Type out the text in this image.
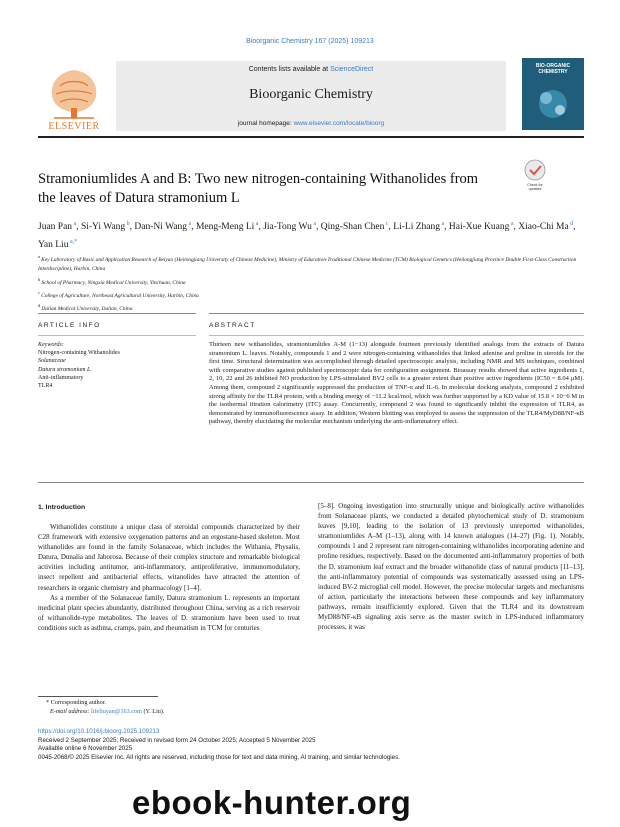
Bioorganic Chemistry 167 (2025) 109213
ELSEVIER
Contents lists available at ScienceDirect
Bioorganic Chemistry
journal homepage: www.elsevier.com/locate/bioorg
BIO-ORGANIC CHEMISTRY
Stramoniumlides A and B: Two new nitrogen-containing Withanolides from the leaves of Datura stramonium L
Check for
updates
Juan Pan $^a$, Si-Yi Wang $^b$, Dan-Ni Wang $^a$, Meng-Meng Li $^a$, Jia-Tong Wu $^a$, Qing-Shan Chen $^c$, Li-Li Zhang $^a$, Hai-Xue Kuang $^a$, Xiao-Chi Ma $^d$, Yan Liu $^{a,*}$
$^a$ Key Laboratory of Basic and Application Research of Beiyao (Heilongjiang University of Chinese Medicine), Ministry of Education·Traditional Chinese Medicine (TCM) Biological Genetics (Heilongjiang Province Double First-Class Construction Interdiscipline), Harbin, China
$^b$ School of Pharmacy, Ningxia Medical University, Yinchuan, China
$^c$ College of Agriculture, Northeast Agricultural University, Harbin, China
$^d$ Dalian Medical University, Dalian, China
ARTICLE INFO	ABSTRACT
Keywords:
Nitrogen-containing Withanolides
Solanaceae
Datura stramonium L.
Anti-inflammatory
TLR4
Thirteen new withanolides, stramoniumlides A-M (1−13) alongside fourteen previously identified analogs from the extracts of Datura stramonium L. leaves. Notably, compounds 1 and 2 were nitrogen-containing withanolides that linked adenine and proline in steroids for the first time. Structural determination was accomplished through detailed spectroscopic analysis, including NMR and MS techniques, combined with comparative studies against published spectroscopic data for configuration assignment. Bioassay results showed that active ingredients 1, 2, 10, 22 and 26 inhibited NO production by LPS-stimulated BV2 cells to a greater extent than positive active ingredients (IC50 = 8.04 μM). Among them, compound 2 significantly suppressed the production of TNF-α and IL-6. In molecular docking analysis, compound 2 exhibited strong affinity for the TLR4 protein, with a binding energy of −11.2 kcal/mol, which was further supported by a KD value of 15.8 × 10−6 M in the isothermal titration calorimetry (ITC) assay. Concurrently, compound 2 was found to significantly inhibit the expression of TLR4, as demonstrated by immunofluorescence assay. In addition, Western blotting was employed to assess the suppression of the TLR4/MyD88/NF-κB pathway, thereby elucidating the molecular mechanism underlying the anti-inflammatory effect.
1. Introduction

Withanolides constitute a unique class of steroidal compounds characterized by their C28 framework with extensive oxygenation patterns and an ergostane-based skeleton. Most withanolides are found in the family Solanaceae, which includes the Withania, Physalis, Datura, Dunalia and Jaborosa. Because of their complex structure and remarkable biological activities including antitumor, anti-inflammatory, antiproliferative, immunomodulatory, insect repellent and antibacterial effects, witanolides have attracted the attention of researchers in organic chemistry and pharmacology [1–4].

As a member of the Solanaceae family, Datura stramonium L. represents an important medicinal plant species abundantly, distributed throughout China, serving as a rich reservoir of withanolide-type metabolites. The leaves of D. stramonium have been used to treat conditions such as asthma, cramps, pain, and rheumatism in TCM for centuries

[5–8]. Ongoing investigation into structurally unique and biologically active withanolides from Solanaceae plants, we conducted a detailed phytochemical study of D. stramonium leaves [9,10], leading to the isolation of 13 previously unreported withanolides, stramoniumlides A–M (1–13), along with 14 known analogues (14–27) (Fig. 1). Notably, compounds 1 and 2 represent rare nitrogen-containing withanolides incorporating adenine and proline residues, respectively. Based on the documented anti-inflammatory properties of both the D. stramonium leaf extract and the broader withanolide class of natural products [11–13], the anti-inflammatory potential of compounds was systematically assessed using an LPS-induced BV-2 microglial cell model. However, the precise molecular targets and mechanisms of action, particularly the interactions between these compounds and key inflammatory pathways, remain insufficiently explored. Given that the TLR4 and its downstream MyD88/NF-κB signaling axis serve as the master switch in LPS-induced inflammatory processes, it was

* Corresponding author.
E-mail address: lifeliuyan@163.com (Y. Liu).
https://doi.org/10.1016/j.bioorg.2025.109213
Received 2 September 2025; Received in revised form 24 October 2025; Accepted 5 November 2025
Available online 6 November 2025
0045-2068/© 2025 Elsevier Inc. All rights are reserved, including those for text and data mining, AI training, and similar technologies.
ebook-hunter.org
